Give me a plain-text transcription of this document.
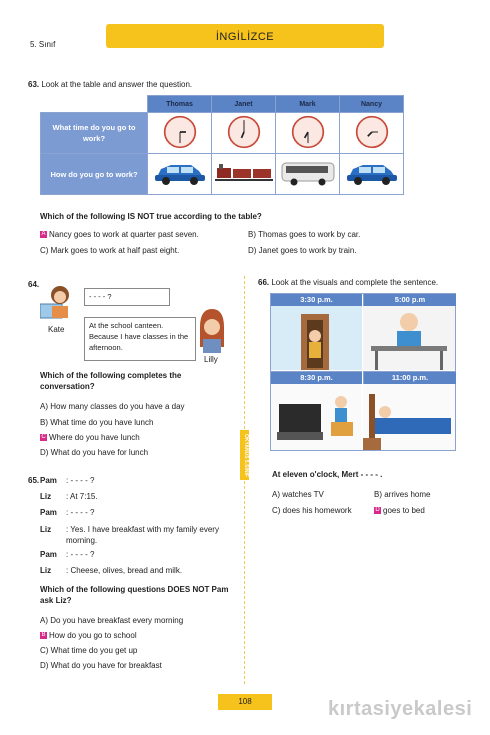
5. Sınıf
İNGİLİZCE
63. Look at the table and answer the question.
	Thomas	Janet	Mark	Nancy
What time do you go to work?				
How do you go to work?				
Which of the following IS NOT true according to the table?
A Nancy goes to work at quarter past seven.	B) Thomas goes to work by car.
C) Mark goes to work at half past eight.	D) Janet goes to work by train.
OKYANUS 5.SINIF
64.
Kate
- - - - ?
At the school canteen. Because I have classes in the afternoon.
Lilly
Which of the following completes the conversation?
A) How many classes do you have a day
B) What time do you have lunch
C Where do you have lunch
D) What do you have for lunch
65. Pam : - - - - ?
Liz : At 7:15.
Pam : - - - - ?
Liz	: Yes. I have breakfast with my family every morning.
Pam : - - - - ?
Liz : Cheese, olives, bread and milk.
Which of the following questions DOES NOT Pam ask Liz?
A) Do you have breakfast every morning
B How do you go to school
C) What time do you get up
D) What do you have for breakfast
66. Look at the visuals and complete the sentence.
3:30 p.m.	5:00 p.m
8:30 p.m.	11:00 p.m.
At eleven o'clock, Mert - - - - .
A) watches TV	B) arrives home
C) does his homework	D goes to bed
108	kırtasiyekalesi
